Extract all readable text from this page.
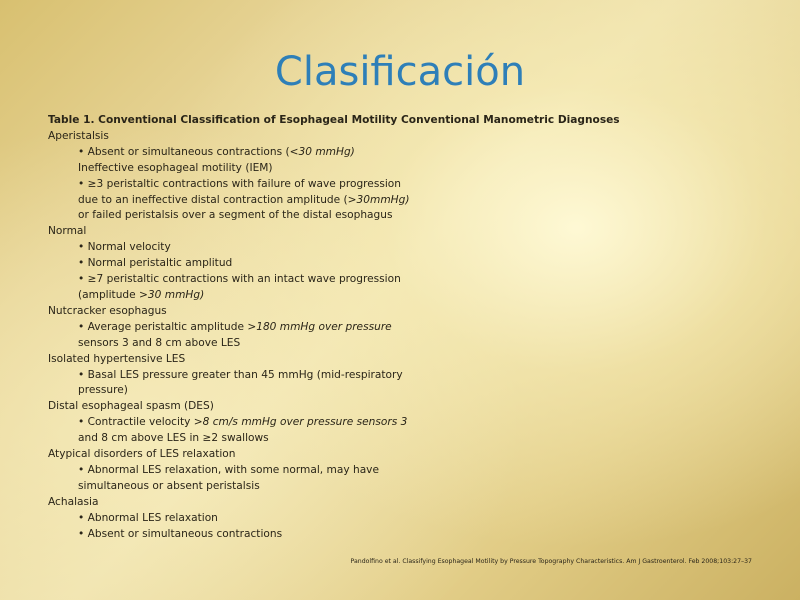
Clasificación
Table 1. Conventional Classification of Esophageal Motility Conventional Manometric Diagnoses
Aperistalsis
• Absent or simultaneous contractions (<30 mmHg)
Ineffective esophageal motility (IEM)
• ≥3 peristaltic contractions with failure of wave progression
due to an ineffective distal contraction amplitude (>30mmHg)
or failed peristalsis over a segment of the distal esophagus
Normal
• Normal velocity
• Normal peristaltic amplitud
• ≥7 peristaltic contractions with an intact wave progression
(amplitude >30 mmHg)
Nutcracker esophagus
• Average peristaltic amplitude >180 mmHg over pressure
sensors 3 and 8 cm above LES
Isolated hypertensive LES
• Basal LES pressure greater than 45 mmHg (mid-respiratory
pressure)
Distal esophageal spasm (DES)
• Contractile velocity >8 cm/s mmHg over pressure sensors 3
and 8 cm above LES in ≥2 swallows
Atypical disorders of LES relaxation
• Abnormal LES relaxation, with some normal, may have
simultaneous or absent peristalsis
Achalasia
• Abnormal LES relaxation
• Absent or simultaneous contractions
Pandolfino et al. Classifying Esophageal Motility by Pressure Topography Characteristics. Am J Gastroenterol. Feb 2008;103:27–37
